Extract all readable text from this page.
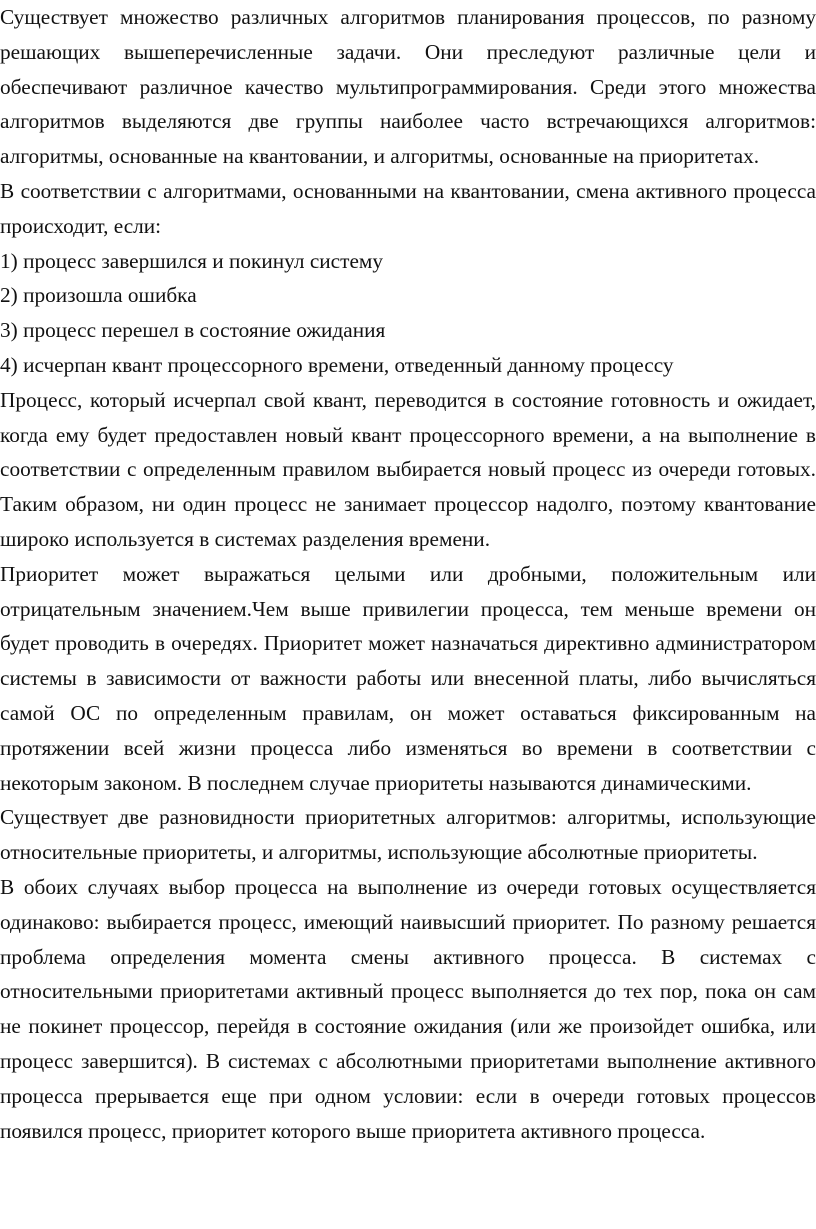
Существует множество различных алгоритмов планирования процессов, по разному решающих вышеперечисленные задачи. Они преследуют различные цели и обеспечивают различное качество мультипрограммирования. Среди этого множества алгоритмов выделяются две группы наиболее часто встречающихся алгоритмов: алгоритмы, основанные на квантовании, и алгоритмы, основанные на приоритетах.

В соответствии с алгоритмами, основанными на квантовании, смена активного процесса происходит, если:

1) процесс завершился и покинул систему

2) произошла ошибка

3) процесс перешел в состояние ожидания

4) исчерпан квант процессорного времени, отведенный данному процессу

Процесс, который исчерпал свой квант, переводится в состояние готовность и ожидает, когда ему будет предоставлен новый квант процессорного времени, а на выполнение в соответствии с определенным правилом выбирается новый процесс из очереди готовых. Таким образом, ни один процесс не занимает процессор надолго, поэтому квантование широко используется в системах разделения времени.

Приоритет может выражаться целыми или дробными, положительным или отрицательным значением.Чем выше привилегии процесса, тем меньше времени он будет проводить в очередях. Приоритет может назначаться директивно администратором системы в зависимости от важности работы или внесенной платы, либо вычисляться самой ОС по определенным правилам, он может оставаться фиксированным на протяжении всей жизни процесса либо изменяться во времени в соответствии с некоторым законом. В последнем случае приоритеты называются динамическими.

Существует две разновидности приоритетных алгоритмов: алгоритмы, использующие относительные приоритеты, и алгоритмы, использующие абсолютные приоритеты.

В обоих случаях выбор процесса на выполнение из очереди готовых осуществляется одинаково: выбирается процесс, имеющий наивысший приоритет. По разному решается проблема определения момента смены активного процесса. В системах с относительными приоритетами активный процесс выполняется до тех пор, пока он сам не покинет процессор, перейдя в состояние ожидания (или же произойдет ошибка, или процесс завершится). В системах с абсолютными приоритетами выполнение активного процесса прерывается еще при одном условии: если в очереди готовых процессов появился процесс, приоритет которого выше приоритета активного процесса.
